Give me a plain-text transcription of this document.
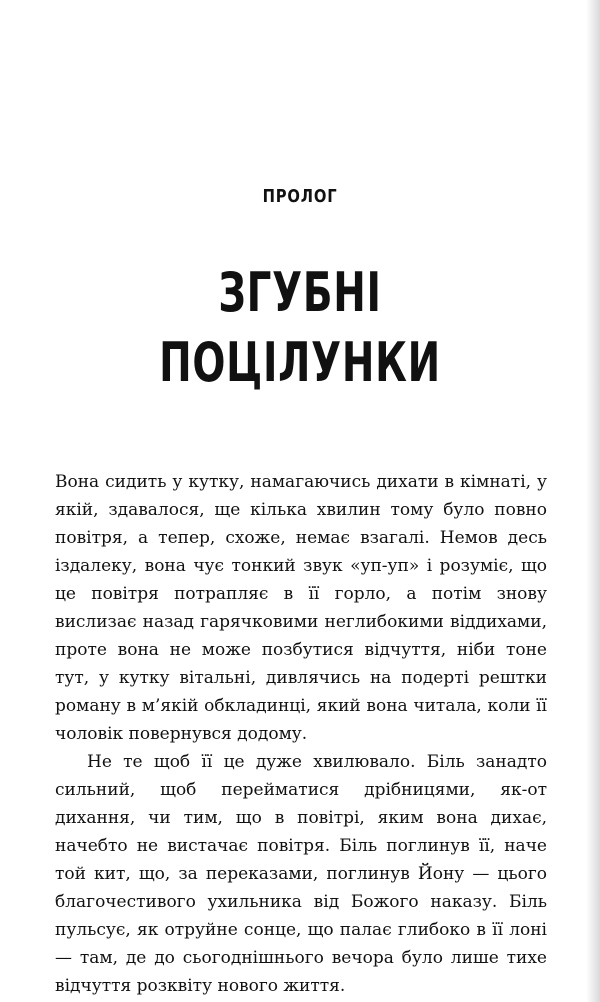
ПРОЛОГ
ЗГУБНІ ПОЦІЛУНКИ

Вона сидить у кутку, намагаючись дихати в кімнаті, у якій, здавалося, ще кілька хвилин тому було повно повітря, а тепер, схоже, немає взагалі. Немов десь іздалеку, вона чує тонкий звук «уп-уп» і розуміє, що це повітря потрапляє в її горло, а потім знову вислизає назад гарячковими неглибокими віддихами, проте вона не може позбутися відчуття, ніби тоне тут, у кутку вітальні, дивлячись на подерті рештки роману в м’якій обкладинці, який вона читала, коли її чоловік повернувся додому.

Не те щоб її це дуже хвилювало. Біль занадто сильний, щоб перейматися дрібницями, як-от дихання, чи тим, що в повітрі, яким вона дихає, начебто не вистачає повітря. Біль поглинув її, наче той кит, що, за переказами, поглинув Йону — цього благочестивого ухильника від Божого наказу. Біль пульсує, як отруйне сонце, що палає глибоко в її лоні — там, де до сьогоднішнього вечора було лише тихе відчуття розквіту нового життя.
